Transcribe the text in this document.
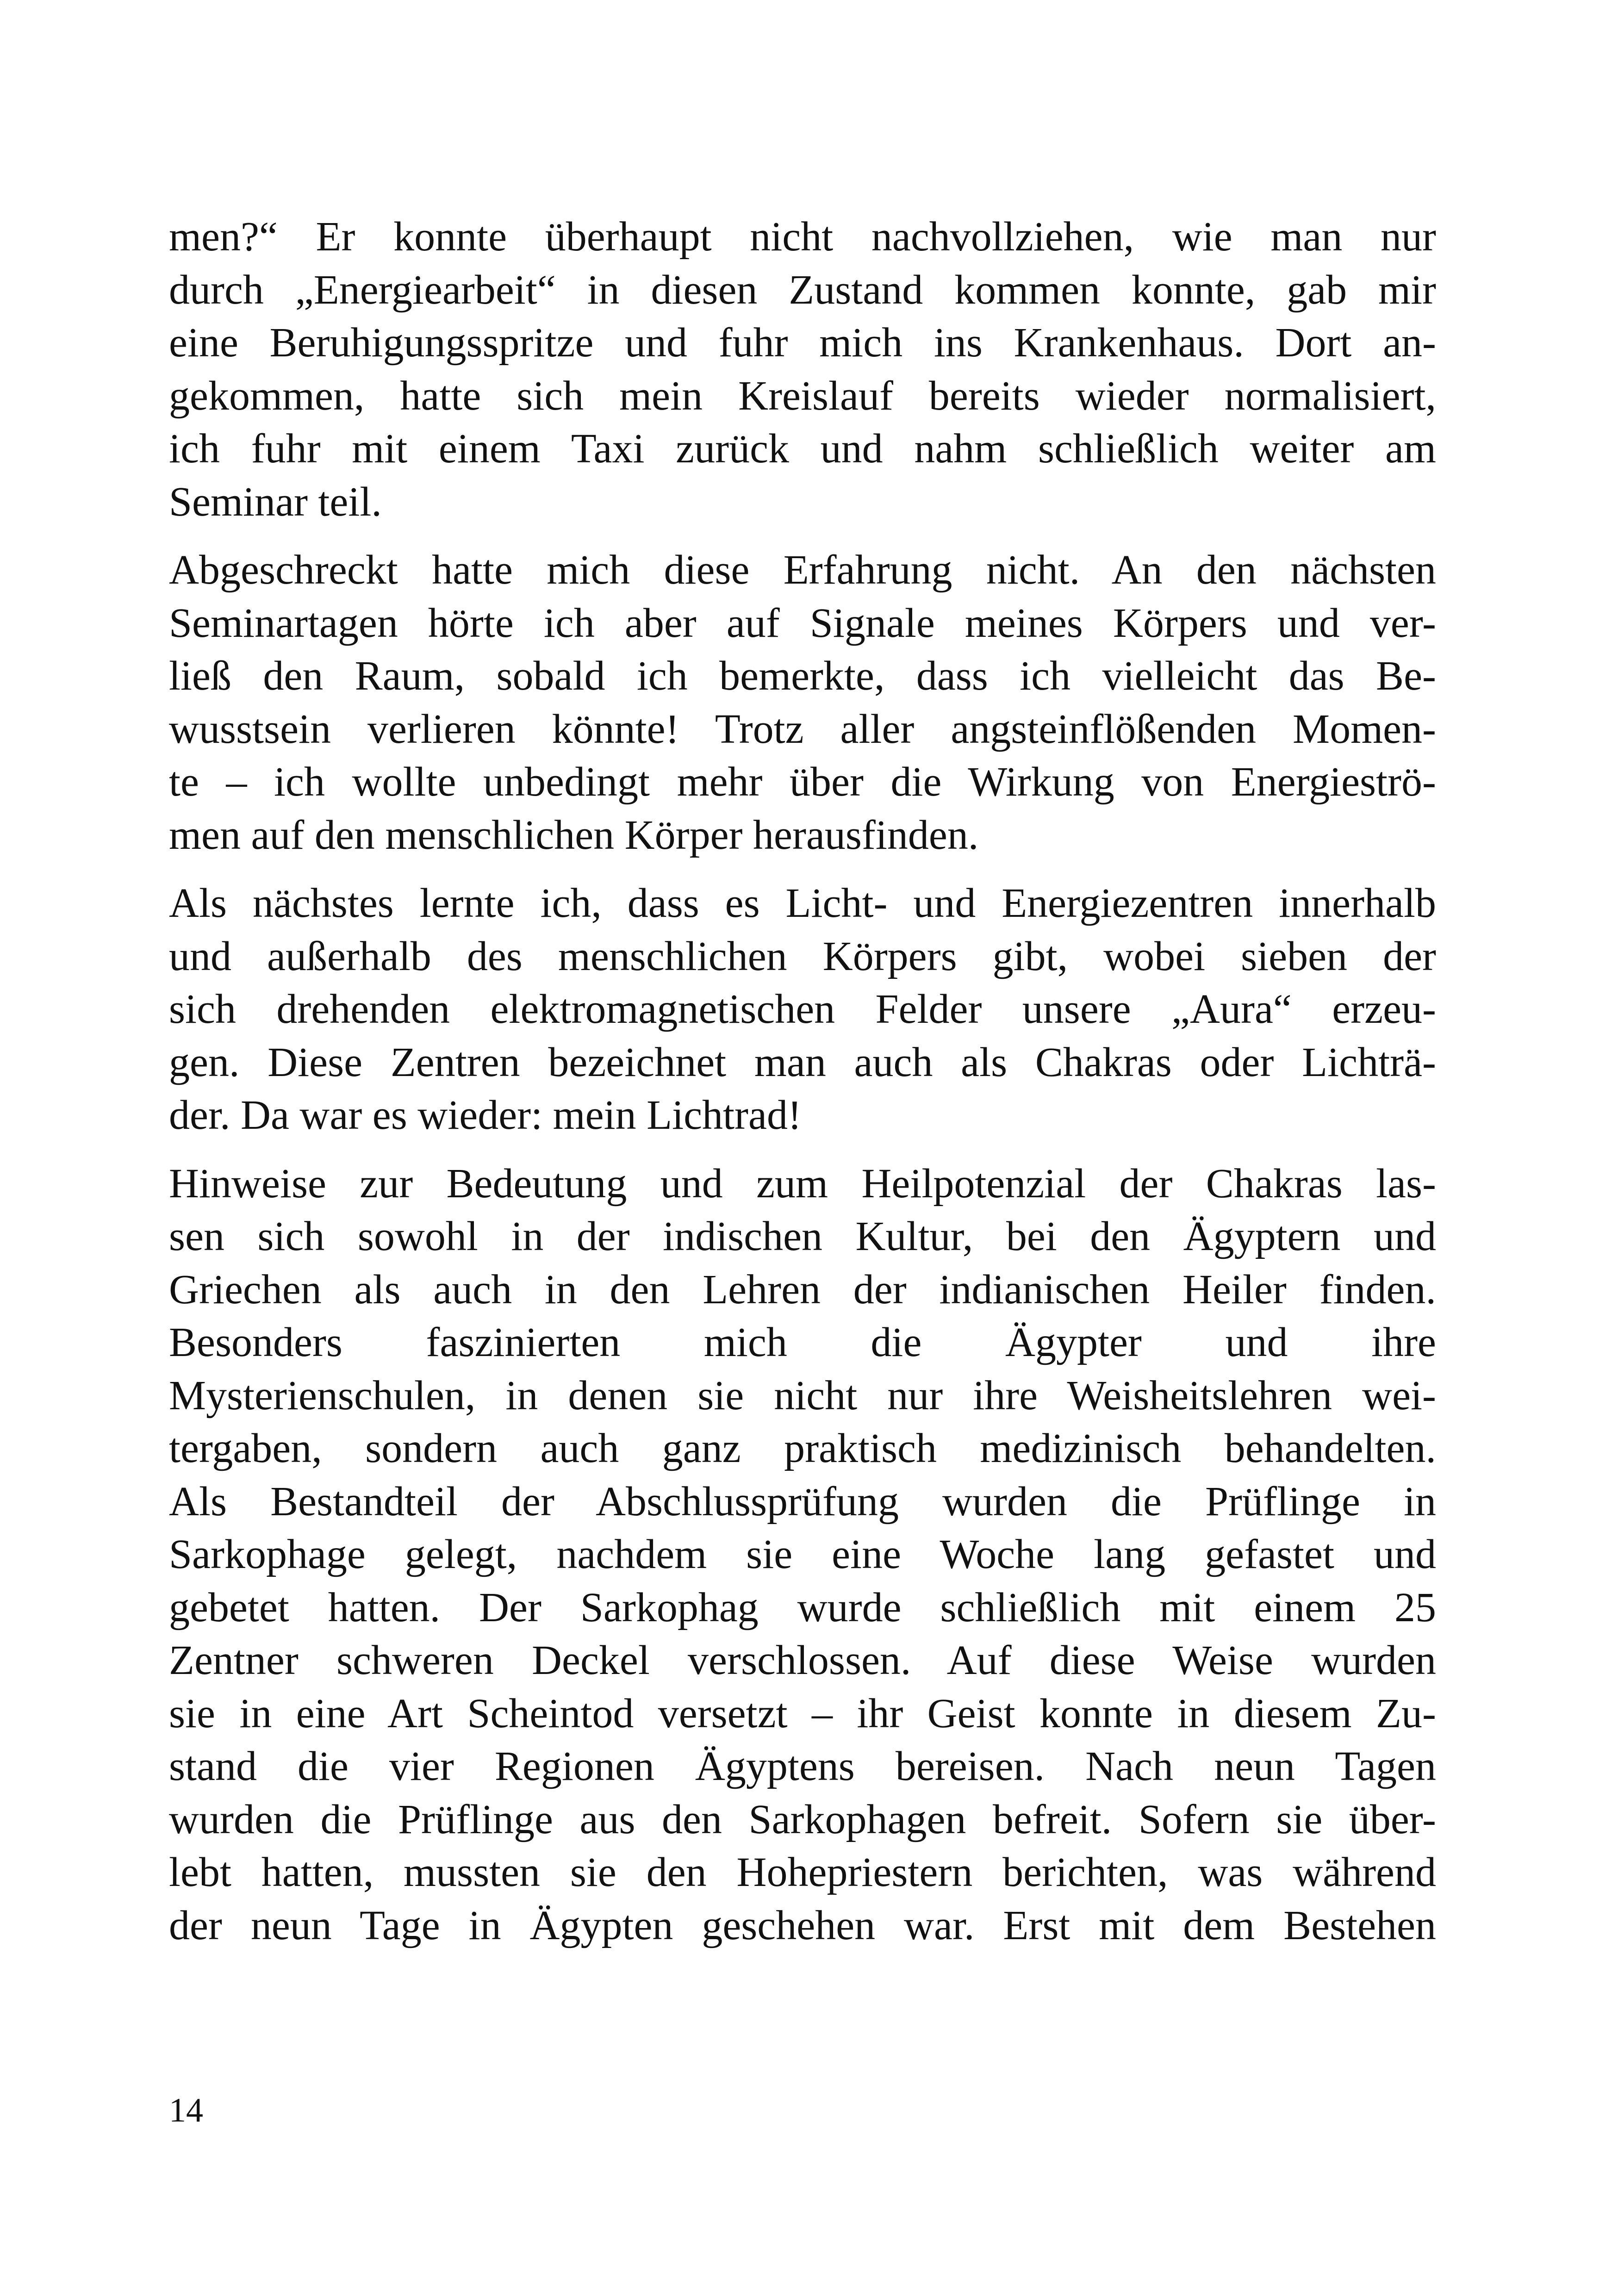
men?“ Er konnte überhaupt nicht nachvollziehen, wie man nur
durch „Energiearbeit“ in diesen Zustand kommen konnte, gab mir
eine Beruhigungsspritze und fuhr mich ins Krankenhaus. Dort an-
gekommen, hatte sich mein Kreislauf bereits wieder normalisiert,
ich fuhr mit einem Taxi zurück und nahm schließlich weiter am
Seminar teil.
Abgeschreckt hatte mich diese Erfahrung nicht. An den nächsten
Seminartagen hörte ich aber auf Signale meines Körpers und ver-
ließ den Raum, sobald ich bemerkte, dass ich vielleicht das Be-
wusstsein verlieren könnte! Trotz aller angsteinflößenden Momen-
te – ich wollte unbedingt mehr über die Wirkung von Energieströ-
men auf den menschlichen Körper herausfinden.
Als nächstes lernte ich, dass es Licht- und Energiezentren innerhalb
und außerhalb des menschlichen Körpers gibt, wobei sieben der
sich drehenden elektromagnetischen Felder unsere „Aura“ erzeu-
gen. Diese Zentren bezeichnet man auch als Chakras oder Lichträ-
der. Da war es wieder: mein Lichtrad!
Hinweise zur Bedeutung und zum Heilpotenzial der Chakras las-
sen sich sowohl in der indischen Kultur, bei den Ägyptern und
Griechen als auch in den Lehren der indianischen Heiler finden.
Besonders faszinierten mich die Ägypter und ihre
Mysterienschulen, in denen sie nicht nur ihre Weisheitslehren wei-
tergaben, sondern auch ganz praktisch medizinisch behandelten.
Als Bestandteil der Abschlussprüfung wurden die Prüflinge in
Sarkophage gelegt, nachdem sie eine Woche lang gefastet und
gebetet hatten. Der Sarkophag wurde schließlich mit einem 25
Zentner schweren Deckel verschlossen. Auf diese Weise wurden
sie in eine Art Scheintod versetzt – ihr Geist konnte in diesem Zu-
stand die vier Regionen Ägyptens bereisen. Nach neun Tagen
wurden die Prüflinge aus den Sarkophagen befreit. Sofern sie über-
lebt hatten, mussten sie den Hohepriestern berichten, was während
der neun Tage in Ägypten geschehen war. Erst mit dem Bestehen
14
